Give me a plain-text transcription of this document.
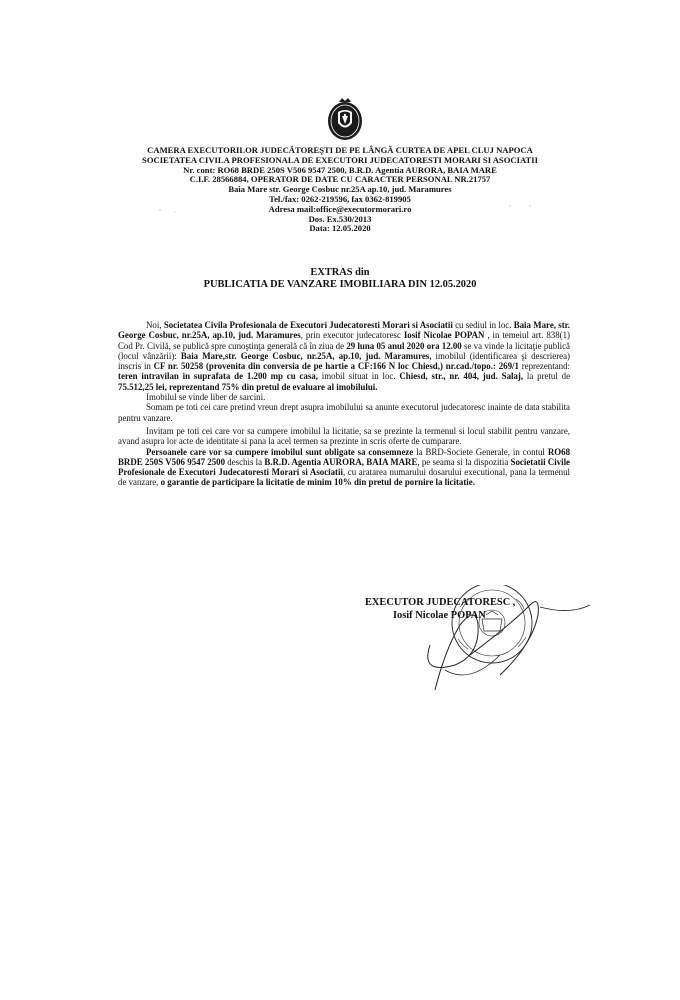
CAMERA EXECUTORILOR JUDECĂTOREŞTI DE PE LÂNGĂ CURTEA DE APEL CLUJ NAPOCA
SOCIETATEA CIVILA PROFESIONALA DE EXECUTORI JUDECATORESTI MORARI SI ASOCIATII
Nr. cont: RO68 BRDE 250S V506 9547 2500, B.R.D. Agentia AURORA, BAIA MARE
C.I.F. 28566884, OPERATOR DE DATE CU CARACTER PERSONAL NR.21757
Baia Mare str. George Cosbuc nr.25A ap.10, jud. Maramures
Tel./fax: 0262-219596, fax 0362-819905
Adresa mail:office@executormorari.ro
Dos. Ex.530/2013
Data: 12.05.2020
EXTRAS din
PUBLICATIA DE VANZARE IMOBILIARA DIN 12.05.2020

Noi, Societatea Civila Profesionala de Executori Judecatoresti Morari si Asociatii cu sediul in loc. Baia Mare, str. George Cosbuc, nr.25A, ap.10, jud. Maramures, prin executor judecatoresc Iosif Nicolae POPAN , in temeiul art. 838(1) Cod Pr. Civilă, se publică spre cunoştinţa generală că în ziua de 29 luna 05 anul 2020 ora 12.00 se va vinde la licitaţie publică (locul vânzării): Baia Mare,str. George Cosbuc, nr.25A, ap.10, jud. Maramures, imobilul (identificarea şi descrierea) inscris in CF nr. 50258 (provenita din conversia de pe hartie a CF:166 N loc Chiesd,) nr.cad./topo.: 269/1 reprezentand: teren intravilan in suprafata de 1.200 mp cu casa, imobil situat in loc. Chiesd, str., nr. 404, jud. Salaj, la pretul de 75.512,25 lei, reprezentand 75% din pretul de evaluare al imobilului.

Imobilul se vinde liber de sarcini.

Somam pe toti cei care pretind vreun drept asupra imobilului sa anunte executorul judecatoresc inainte de data stabilita pentru vanzare.

Invitam pe toti cei care vor sa cumpere imobilul la licitatie, sa se prezinte la termenul si locul stabilit pentru vanzare, avand asupra lor acte de identitate si pana la acel termen sa prezinte in scris oferte de cumparare.

Persoanele care vor sa cumpere imobilul sunt obligate sa consemneze la BRD-Societe Generale, in contul RO68 BRDE 250S V506 9547 2500 deschis la B.R.D. Agentia AURORA, BAIA MARE, pe seama si la dispozitia Societatii Civile Profesionale de Executori Judecatoresti Morari si Asociatii, cu aratarea numarului dosarului executional, pana la termenul de vanzare, o garantie de participare la licitatie de minim 10% din pretul de pornire la licitatie.

EXECUTOR JUDECATORESC ,
Iosif Nicolae POPAN
